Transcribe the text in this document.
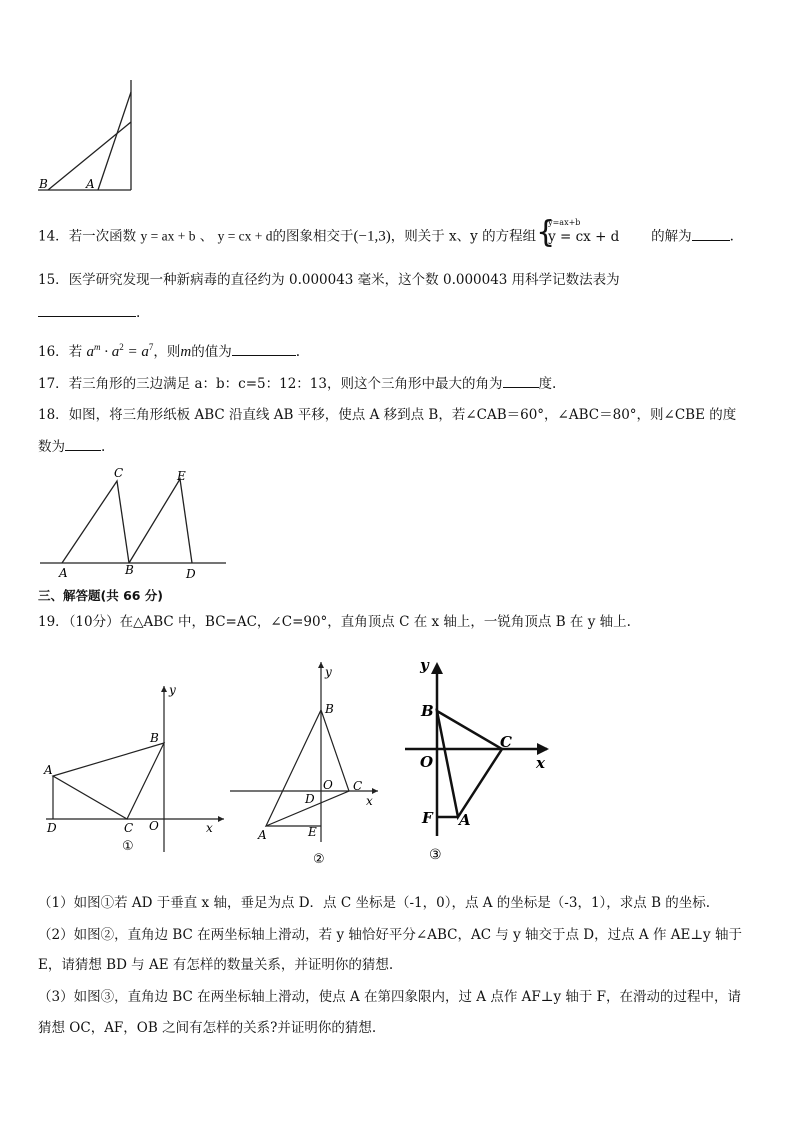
B	A
14．若一次函数 y = ax + b 、 y = cx + d的图象相交于(−1,3)，则关于 x、y 的方程组 {
y=ax+b
y = cx + d 的解为	.
15．医学研究发现一种新病毒的直径约为 0.000043 毫米，这个数 0.000043 用科学记数法表为
.
16．若 $a^m \cdot a^2 = a^7$，则m的值为	.
17．若三角形的三边满足 a：b：c=5：12：13，则这个三角形中最大的角为	度.
18．如图，将三角形纸板 ABC 沿直线 AB 平移，使点 A 移到点 B，若∠CAB＝60°，∠ABC＝80°，则∠CBE 的度
数为	.
C	E
A	B	D
三、解答题(共 66 分)
19．（10分）在△ABC 中，BC=AC，∠C=90°，直角顶点 C 在 x 轴上，一锐角顶点 B 在 y 轴上.
y
B
A
D	C O	x
①
y
B
O C
x
D
A	E
②
y
B
C
O	x
F A
③
（1）如图①若 AD 于垂直 x 轴，垂足为点 D．点 C 坐标是（-1，0），点 A 的坐标是（-3，1），求点 B 的坐标.
（2）如图②，直角边 BC 在两坐标轴上滑动，若 y 轴恰好平分∠ABC，AC 与 y 轴交于点 D，过点 A 作 AE⊥y 轴于
E，请猜想 BD 与 AE 有怎样的数量关系，并证明你的猜想.
（3）如图③，直角边 BC 在两坐标轴上滑动，使点 A 在第四象限内，过 A 点作 AF⊥y 轴于 F，在滑动的过程中，请
猜想 OC，AF，OB 之间有怎样的关系?并证明你的猜想.
